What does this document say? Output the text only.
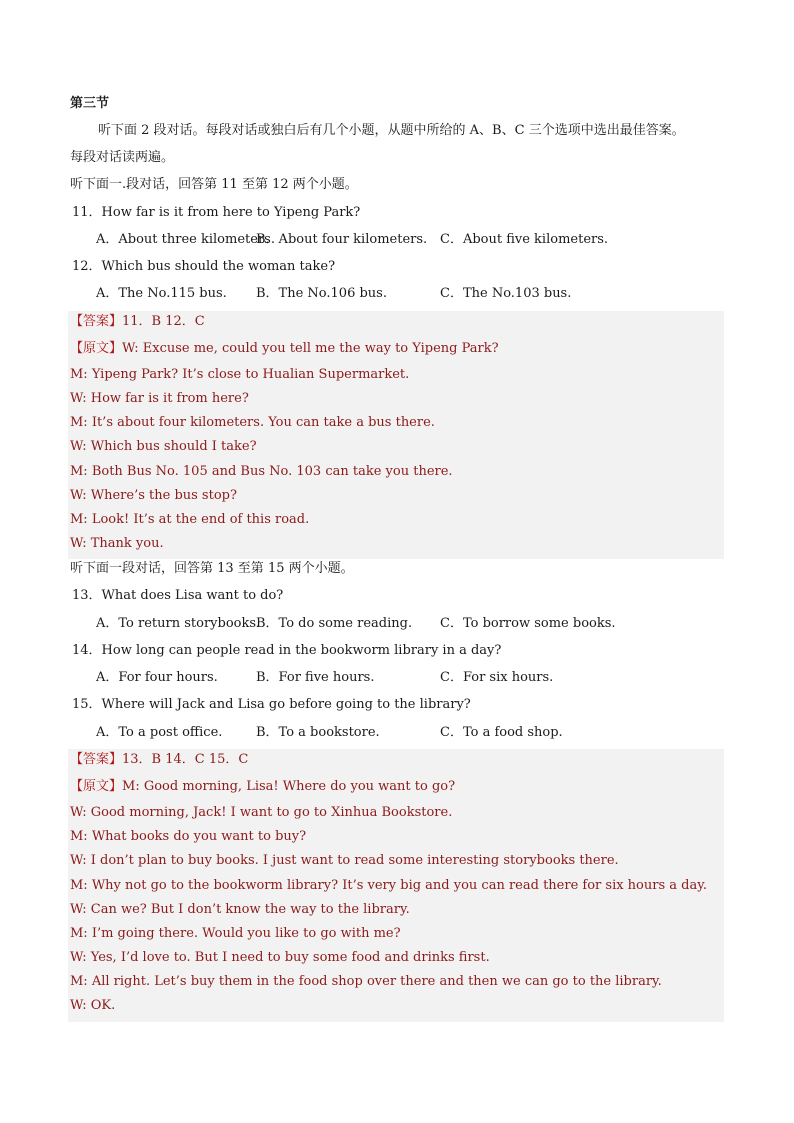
第三节
听下面 2 段对话。每段对话或独白后有几个小题，从题中所给的 A、B、C 三个选项中选出最佳答案。
每段对话读两遍。
听下面一.段对话，回答第 11 至第 12 两个小题。
11．How far is it from here to Yipeng Park?
A．About three kilometers.
B．About four kilometers. C．About five kilometers.
12．Which bus should the woman take?
A．The No.115 bus. B．The No.106 bus.	C．The No.103 bus.
【答案】11．B 12．C
【原文】W: Excuse me, could you tell me the way to Yipeng Park?
M: Yipeng Park? It’s close to Hualian Supermarket.
W: How far is it from here?
M: It’s about four kilometers. You can take a bus there.
W: Which bus should I take?
M: Both Bus No. 105 and Bus No. 103 can take you there.
W: Where’s the bus stop?
M: Look! It’s at the end of this road.
W: Thank you.
听下面一段对话，回答第 13 至第 15 两个小题。
13．What does Lisa want to do?
A．To return storybooks.
B．To do some reading. C．To borrow some books.
14．How long can people read in the bookworm library in a day?
A．For four hours.	B．For five hours.	C．For six hours.
15．Where will Jack and Lisa go before going to the library?
A．To a post office.	B．To a bookstore.	C．To a food shop.
【答案】13．B 14．C 15．C
【原文】M: Good morning, Lisa! Where do you want to go?
W: Good morning, Jack! I want to go to Xinhua Bookstore.
M: What books do you want to buy?
W: I don’t plan to buy books. I just want to read some interesting storybooks there.
M: Why not go to the bookworm library? It’s very big and you can read there for six hours a day.
W: Can we? But I don’t know the way to the library.
M: I’m going there. Would you like to go with me?
W: Yes, I’d love to. But I need to buy some food and drinks first.
M: All right. Let’s buy them in the food shop over there and then we can go to the library.
W: OK.
